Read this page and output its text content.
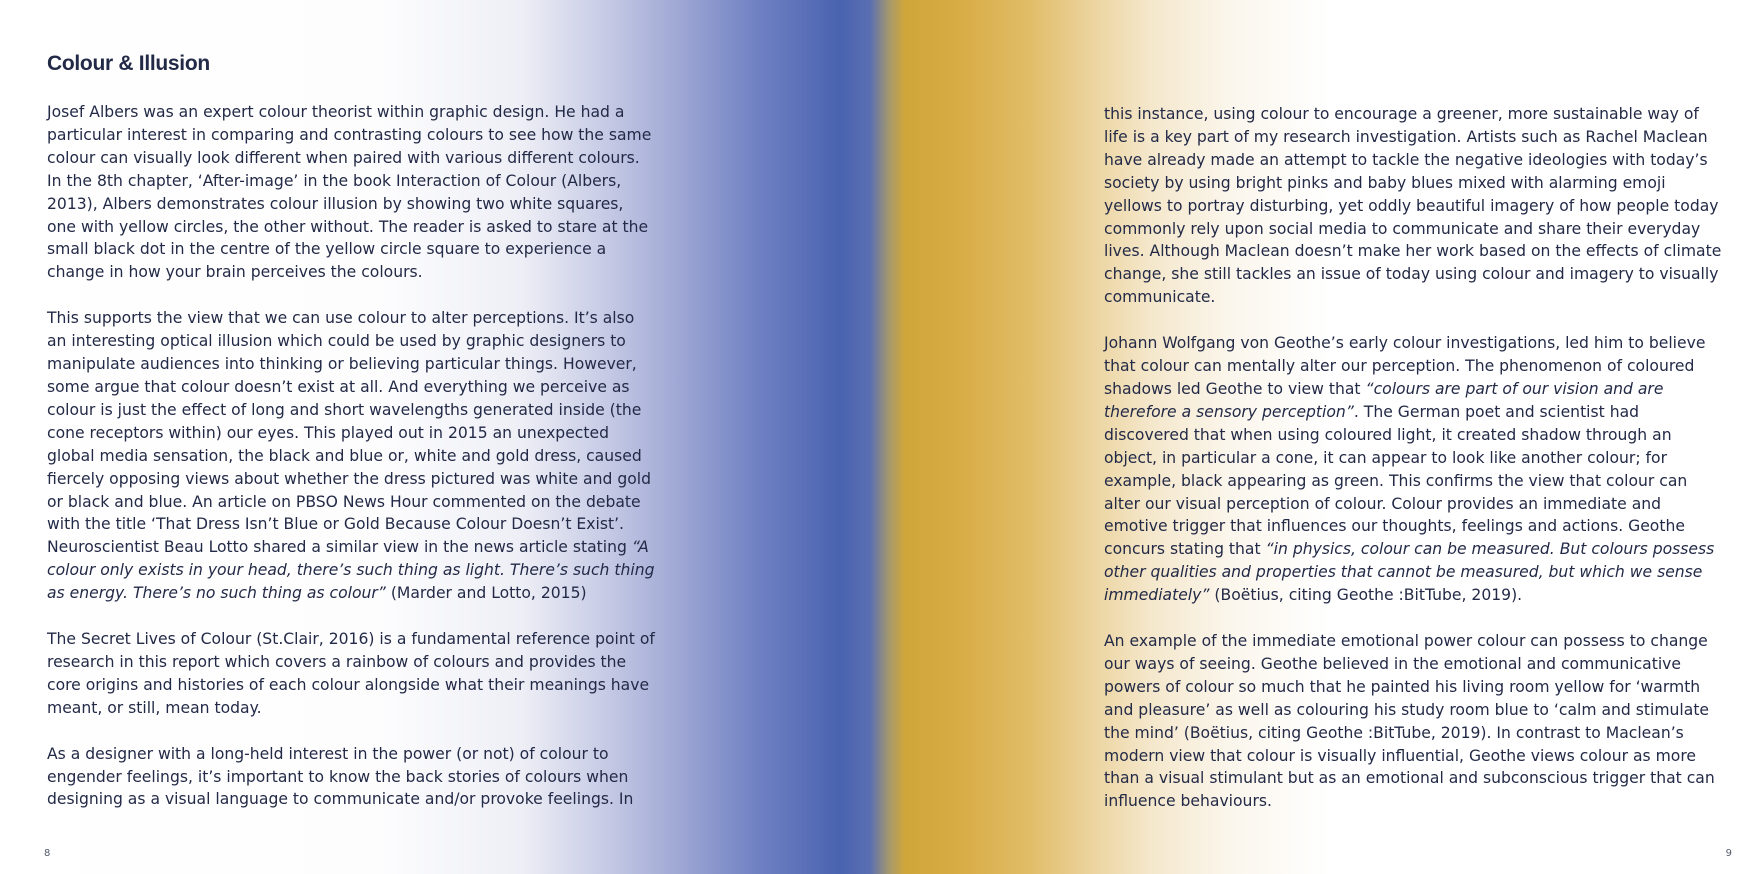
Colour & Illusion

Josef Albers was an expert colour theorist within graphic design. He had a particular interest in comparing and contrasting colours to see how the same colour can visually look different when paired with various different colours. In the 8th chapter, ‘After-image’ in the book Interaction of Colour (Albers, 2013), Albers demonstrates colour illusion by showing two white squares, one with yellow circles, the other without. The reader is asked to stare at the small black dot in the centre of the yellow circle square to experience a change in how your brain perceives the colours.

This supports the view that we can use colour to alter perceptions. It’s also an interesting optical illusion which could be used by graphic designers to manipulate audiences into thinking or believing particular things. However, some argue that colour doesn’t exist at all. And everything we perceive as colour is just the effect of long and short wavelengths generated inside (the cone receptors within) our eyes. This played out in 2015 an unexpected global media sensation, the black and blue or, white and gold dress, caused fiercely opposing views about whether the dress pictured was white and gold or black and blue. An article on PBSO News Hour commented on the debate with the title ‘That Dress Isn’t Blue or Gold Because Colour Doesn’t Exist’. Neuroscientist Beau Lotto shared a similar view in the news article stating “A colour only exists in your head, there’s such thing as light. There’s such thing as energy. There’s no such thing as colour” (Marder and Lotto, 2015)

The Secret Lives of Colour (St.Clair, 2016) is a fundamental reference point of research in this report which covers a rainbow of colours and provides the core origins and histories of each colour alongside what their meanings have meant, or still, mean today.

As a designer with a long-held interest in the power (or not) of colour to engender feelings, it’s important to know the back stories of colours when designing as a visual language to communicate and/or provoke feelings. In

8

this instance, using colour to encourage a greener, more sustainable way of life is a key part of my research investigation. Artists such as Rachel Maclean have already made an attempt to tackle the negative ideologies with today’s society by using bright pinks and baby blues mixed with alarming emoji yellows to portray disturbing, yet oddly beautiful imagery of how people today commonly rely upon social media to communicate and share their everyday lives. Although Maclean doesn’t make her work based on the effects of climate change, she still tackles an issue of today using colour and imagery to visually communicate.

Johann Wolfgang von Geothe’s early colour investigations, led him to believe that colour can mentally alter our perception. The phenomenon of coloured shadows led Geothe to view that “colours are part of our vision and are therefore a sensory perception”. The German poet and scientist had discovered that when using coloured light, it created shadow through an object, in particular a cone, it can appear to look like another colour; for example, black appearing as green. This confirms the view that colour can alter our visual perception of colour. Colour provides an immediate and emotive trigger that influences our thoughts, feelings and actions. Geothe concurs stating that “in physics, colour can be measured. But colours possess other qualities and properties that cannot be measured, but which we sense immediately” (Boëtius, citing Geothe :BitTube, 2019).

An example of the immediate emotional power colour can possess to change our ways of seeing. Geothe believed in the emotional and communicative powers of colour so much that he painted his living room yellow for ‘warmth and pleasure’ as well as colouring his study room blue to ‘calm and stimulate the mind’ (Boëtius, citing Geothe :BitTube, 2019). In contrast to Maclean’s modern view that colour is visually influential, Geothe views colour as more than a visual stimulant but as an emotional and subconscious trigger that can influence behaviours.

9
